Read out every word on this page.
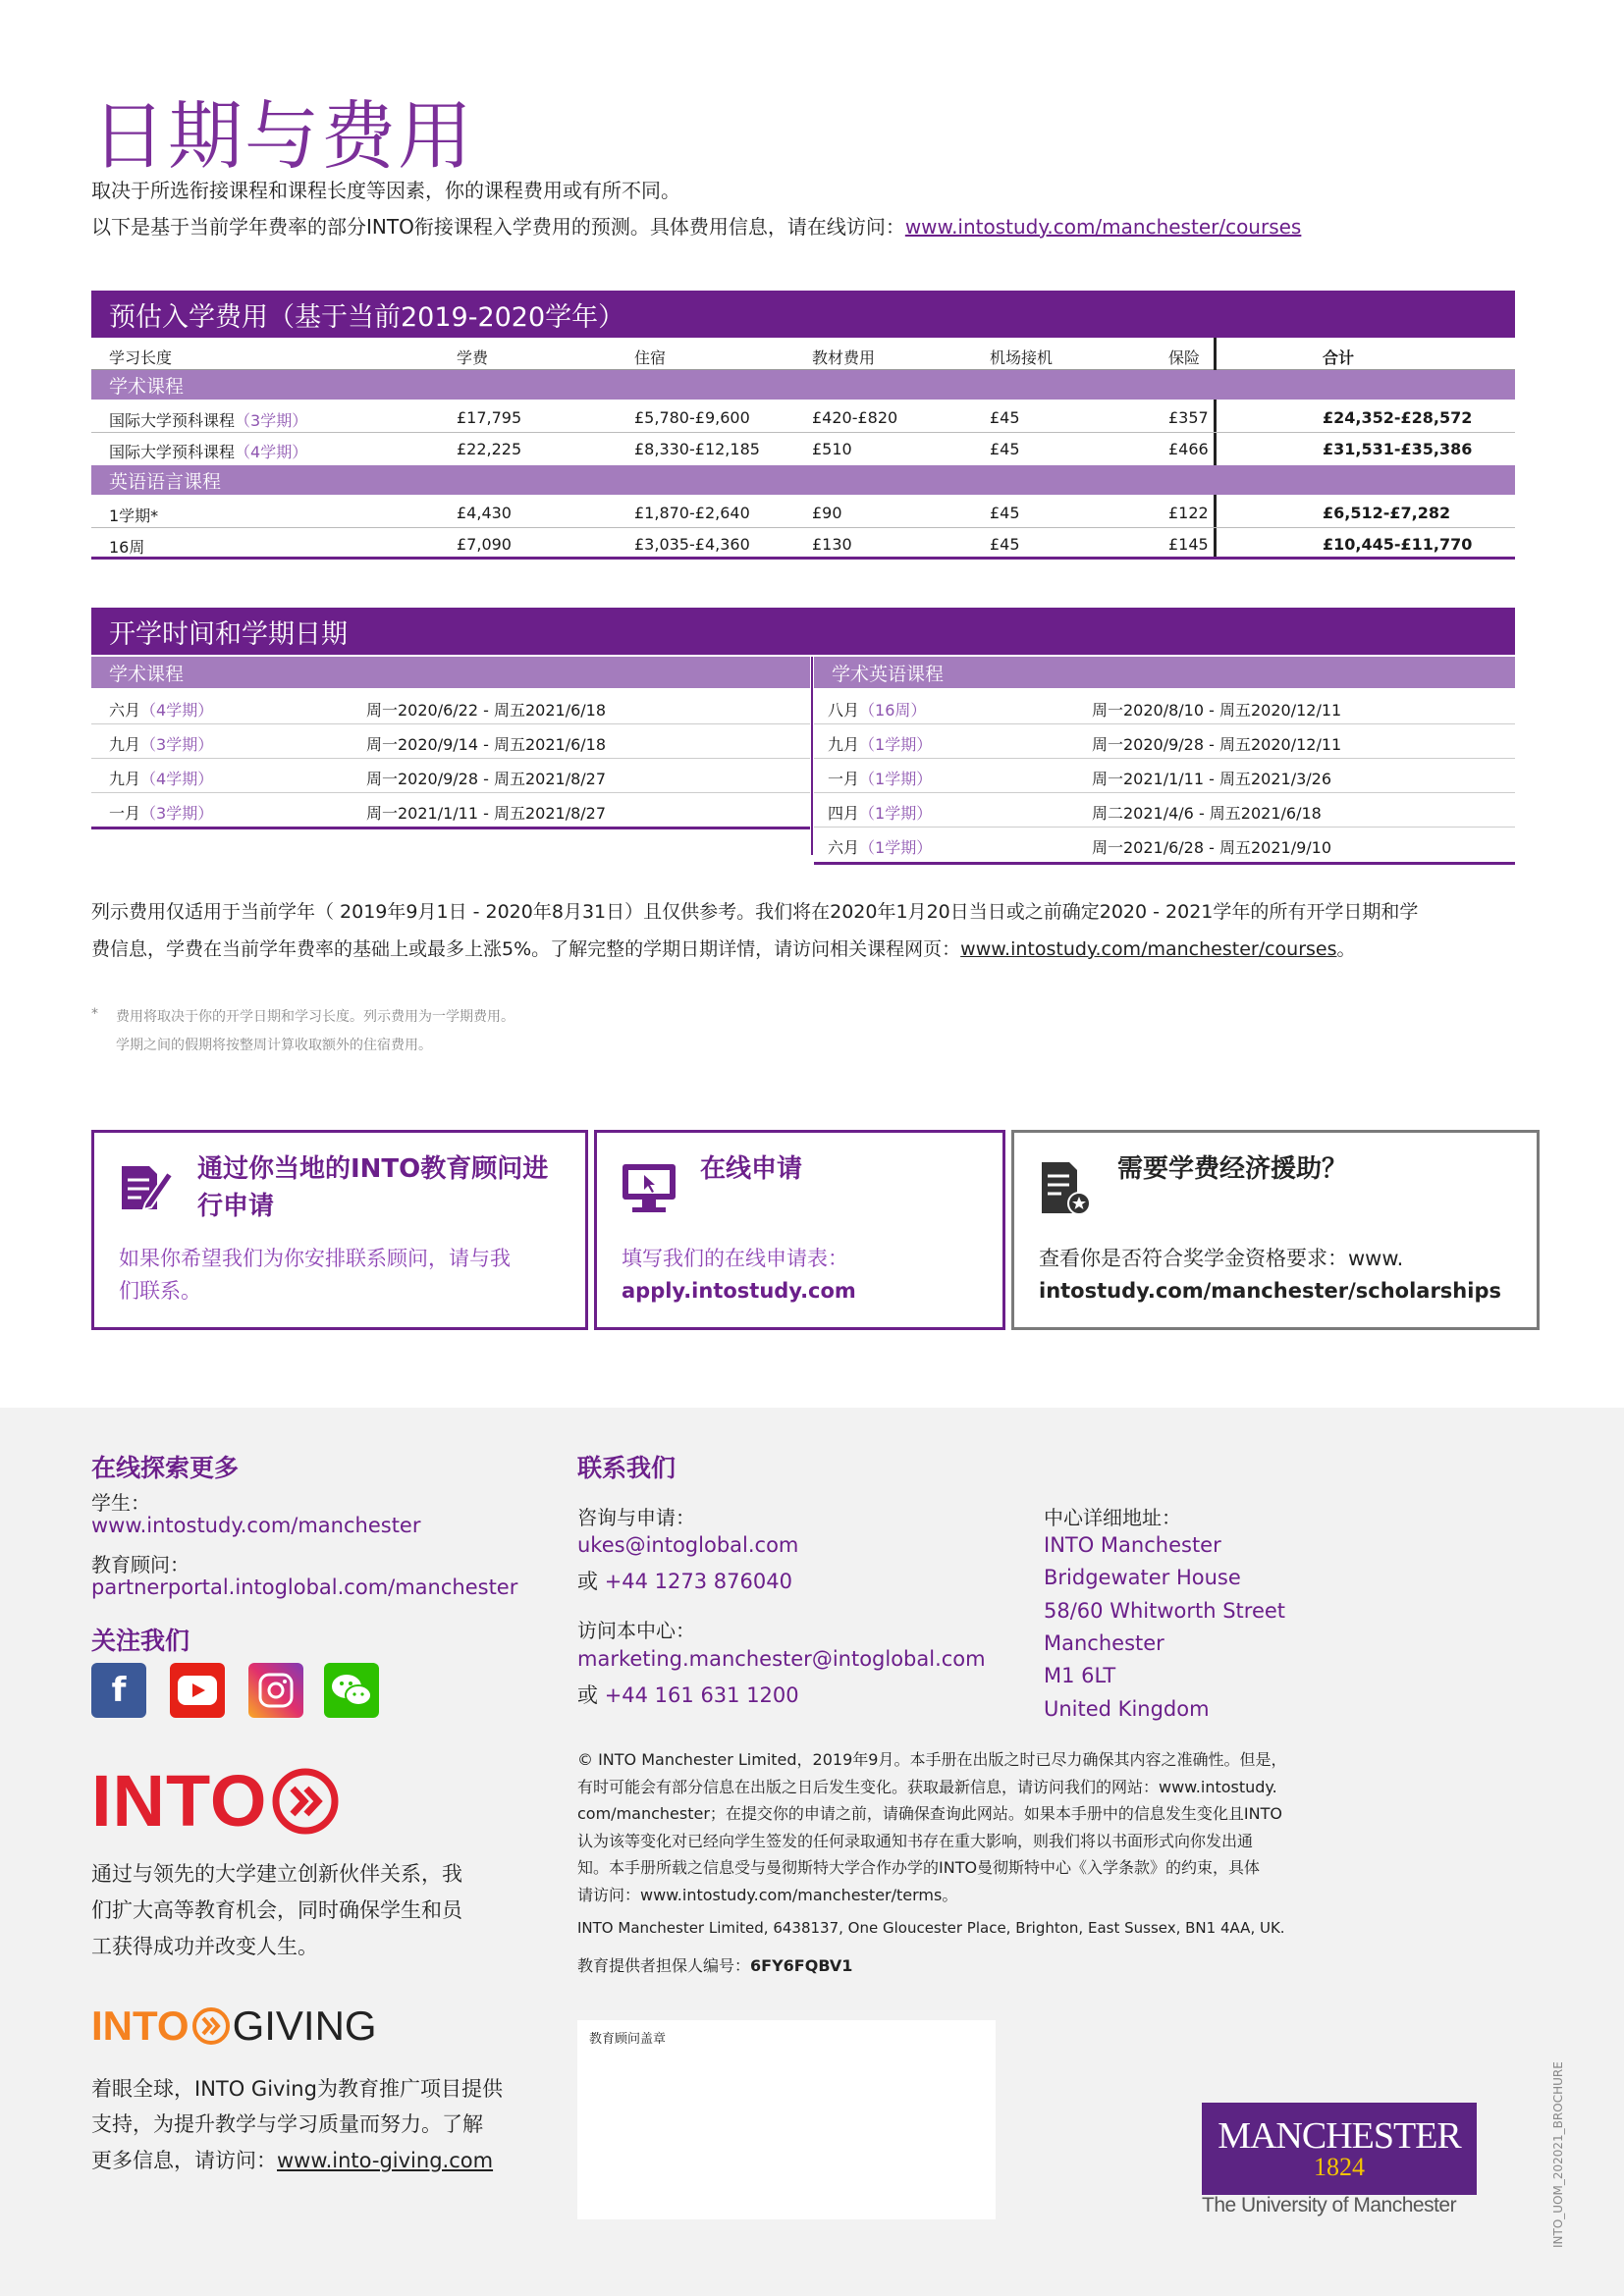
日期与费用
取决于所选衔接课程和课程长度等因素，你的课程费用或有所不同。
以下是基于当前学年费率的部分INTO衔接课程入学费用的预测。具体费用信息，请在线访问：www.intostudy.com/manchester/courses
预估入学费用（基于当前2019-2020学年）
学习长度	学费	住宿	教材费用	机场接机	保险	合计
学术课程
国际大学预科课程（3学期）	£17,795	£5,780-£9,600	£420-£820	£45	£357	£24,352-£28,572
国际大学预科课程（4学期）	£22,225	£8,330-£12,185	£510	£45	£466	£31,531-£35,386
英语语言课程
1学期*	£4,430	£1,870-£2,640	£90	£45	£122	£6,512-£7,282
16周	£7,090	£3,035-£4,360	£130	£45	£145	£10,445-£11,770
开学时间和学期日期
学术课程	学术英语课程
六月（4学期）	周一2020/6/22 - 周五2021/6/18
九月（3学期）	周一2020/9/14 - 周五2021/6/18
九月（4学期）	周一2020/9/28 - 周五2021/8/27
一月（3学期）	周一2021/1/11 - 周五2021/8/27
八月（16周）	周一2020/8/10 - 周五2020/12/11
九月（1学期）	周一2020/9/28 - 周五2020/12/11
一月（1学期）	周一2021/1/11 - 周五2021/3/26
四月（1学期）	周二2021/4/6 - 周五2021/6/18
六月（1学期）	周一2021/6/28 - 周五2021/9/10
列示费用仅适用于当前学年（ 2019年9月1日 - 2020年8月31日）且仅供参考。我们将在2020年1月20日当日或之前确定2020 - 2021学年的所有开学日期和学
费信息，学费在当前学年费率的基础上或最多上涨5%。了解完整的学期日期详情，请访问相关课程网页：www.intostudy.com/manchester/courses。
* 费用将取决于你的开学日期和学习长度。列示费用为一学期费用。
学期之间的假期将按整周计算收取额外的住宿费用。
通过你当地的INTO教育顾问进
行申请
如果你希望我们为你安排联系顾问，请与我
们联系。
在线申请
填写我们的在线申请表：
apply.intostudy.com
需要学费经济援助？
查看你是否符合奖学金资格要求：www.
intostudy.com/manchester/scholarships
在线探索更多
学生：
www.intostudy.com/manchester
教育顾问：
partnerportal.intoglobal.com/manchester
关注我们
f
INTO
通过与领先的大学建立创新伙伴关系，我
们扩大高等教育机会，同时确保学生和员
工获得成功并改变人生。
INTO GIVING
着眼全球，INTO Giving为教育推广项目提供
支持，为提升教学与学习质量而努力。了解
更多信息，请访问：www.into-giving.com
联系我们
咨询与申请：
ukes@intoglobal.com
或 +44 1273 876040
访问本中心：
marketing.manchester@intoglobal.com
或 +44 161 631 1200
中心详细地址：
INTO Manchester
Bridgewater House
58/60 Whitworth Street
Manchester
M1 6LT
United Kingdom
© INTO Manchester Limited，2019年9月。本手册在出版之时已尽力确保其内容之准确性。但是，
有时可能会有部分信息在出版之日后发生变化。获取最新信息，请访问我们的网站：www.intostudy.
com/manchester；在提交你的申请之前，请确保查询此网站。如果本手册中的信息发生变化且INTO
认为该等变化对已经向学生签发的任何录取通知书存在重大影响，则我们将以书面形式向你发出通
知。本手册所载之信息受与曼彻斯特大学合作办学的INTO曼彻斯特中心《入学条款》的约束，具体
请访问：www.intostudy.com/manchester/terms。
INTO Manchester Limited, 6438137, One Gloucester Place, Brighton, East Sussex, BN1 4AA, UK.
教育提供者担保人编号：6FY6FQBV1
教育顾问盖章
MANCHESTER
1824
The University of Manchester	INTO_UOM_202021_BROCHURE
